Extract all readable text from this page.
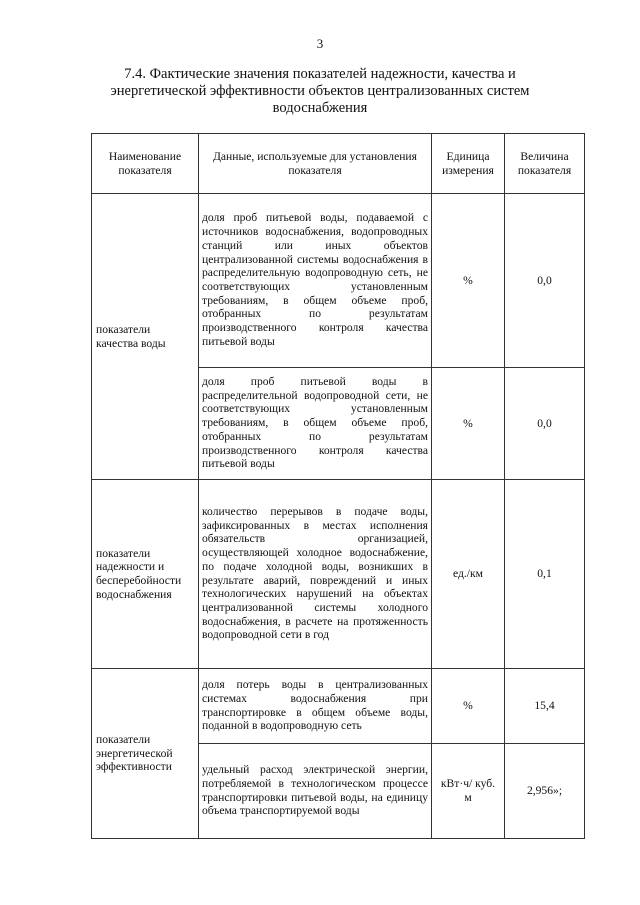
3
7.4. Фактические значения показателей надежности, качества и энергетической эффективности объектов централизованных систем водоснабжения
Наименование показателя	Данные, используемые для установления показателя	Единица измерения	Величина показателя
показатели качества воды	доля проб питьевой воды, подаваемой с источников водоснабжения, водопроводных станций или иных объектов централизованной системы водоснабжения в распределительную водопроводную сеть, не соответствующих установленным требованиям, в общем объеме проб, отобранных по результатам производственного контроля качества питьевой воды	%	0,0
	доля проб питьевой воды в распределительной водопроводной сети, не соответствующих установленным требованиям, в общем объеме проб, отобранных по результатам производственного контроля качества питьевой воды	%	0,0
показатели надежности и бесперебойности водоснабжения	количество перерывов в подаче воды, зафиксированных в местах исполнения обязательств организацией, осуществляющей холодное водоснабжение, по подаче холодной воды, возникших в результате аварий, повреждений и иных технологических нарушений на объектах централизованной системы холодного водоснабжения, в расчете на протяженность водопроводной сети в год	ед./км	0,1
показатели энергетической эффективности	доля потерь воды в централизованных системах водоснабжения при транспортировке в общем объеме воды, поданной в водопроводную сеть	%	15,4
	удельный расход электрической энергии, потребляемой в технологическом процессе транспортировки питьевой воды, на единицу объема транспортируемой воды	кВт·ч/ куб. м	2,956»;
